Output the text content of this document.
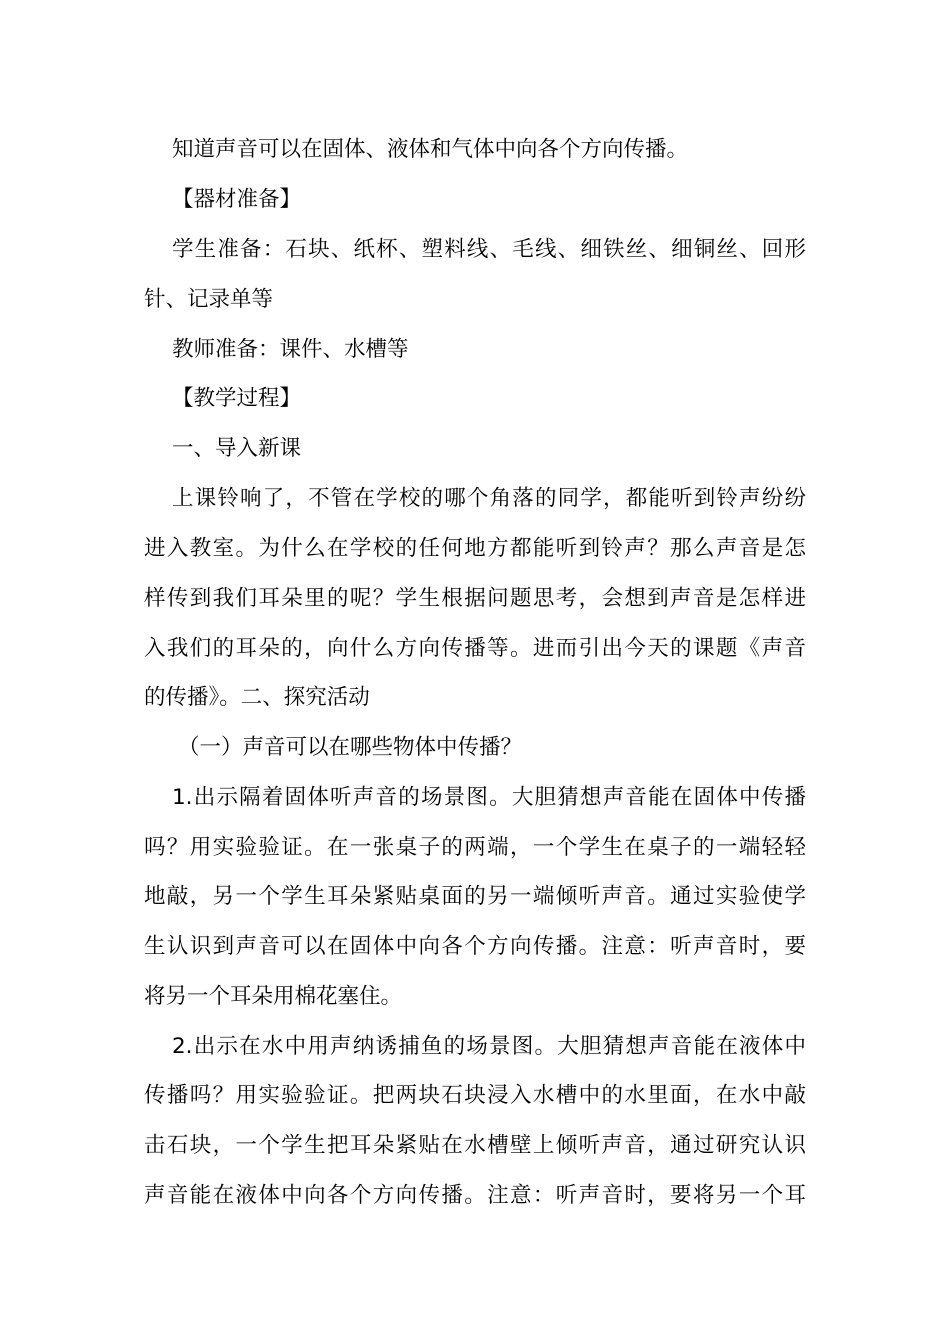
知道声音可以在固体、液体和气体中向各个方向传播。
【器材准备】
学生准备：石块、纸杯、塑料线、毛线、细铁丝、细铜丝、回形
针、记录单等
教师准备：课件、水槽等
【教学过程】
一、导入新课
上课铃响了，不管在学校的哪个角落的同学，都能听到铃声纷纷
进入教室。为什么在学校的任何地方都能听到铃声？那么声音是怎
样传到我们耳朵里的呢？学生根据问题思考，会想到声音是怎样进
入我们的耳朵的，向什么方向传播等。进而引出今天的课题《声音
的传播》。二、探究活动
（一）声音可以在哪些物体中传播？
1.出示隔着固体听声音的场景图。大胆猜想声音能在固体中传播
吗？用实验验证。在一张桌子的两端，一个学生在桌子的一端轻轻
地敲，另一个学生耳朵紧贴桌面的另一端倾听声音。通过实验使学
生认识到声音可以在固体中向各个方向传播。注意：听声音时，要
将另一个耳朵用棉花塞住。
2.出示在水中用声纳诱捕鱼的场景图。大胆猜想声音能在液体中
传播吗？用实验验证。把两块石块浸入水槽中的水里面，在水中敲
击石块，一个学生把耳朵紧贴在水槽壁上倾听声音，通过研究认识
声音能在液体中向各个方向传播。注意：听声音时，要将另一个耳
